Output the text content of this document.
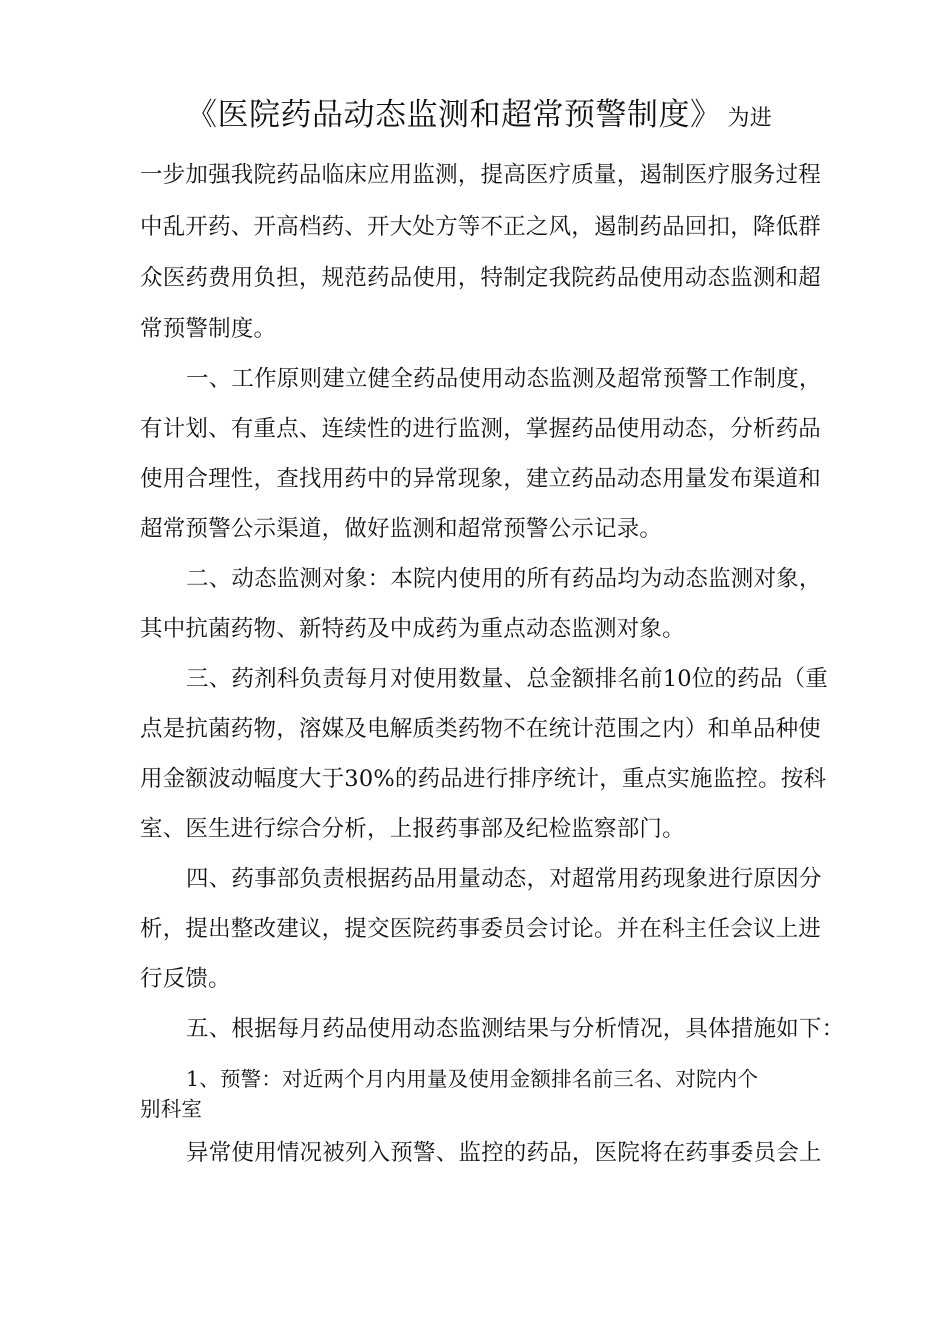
《医院药品动态监测和超常预警制度》 为进
一步加强我院药品临床应用监测，提高医疗质量，遏制医疗服务过程
中乱开药、开高档药、开大处方等不正之风，遏制药品回扣，降低群
众医药费用负担，规范药品使用，特制定我院药品使用动态监测和超
常预警制度。
一、工作原则建立健全药品使用动态监测及超常预警工作制度，
有计划、有重点、连续性的进行监测，掌握药品使用动态，分析药品
使用合理性，查找用药中的异常现象，建立药品动态用量发布渠道和
超常预警公示渠道，做好监测和超常预警公示记录。
二、动态监测对象：本院内使用的所有药品均为动态监测对象，
其中抗菌药物、新特药及中成药为重点动态监测对象。
三、药剂科负责每月对使用数量、总金额排名前10位的药品（重
点是抗菌药物，溶媒及电解质类药物不在统计范围之内）和单品种使
用金额波动幅度大于30%的药品进行排序统计，重点实施监控。按科
室、医生进行综合分析，上报药事部及纪检监察部门。
四、药事部负责根据药品用量动态，对超常用药现象进行原因分
析，提出整改建议，提交医院药事委员会讨论。并在科主任会议上进
行反馈。
五、根据每月药品使用动态监测结果与分析情况，具体措施如下：
1、预警：对近两个月内用量及使用金额排名前三名、对院内个
别科室
异常使用情况被列入预警、监控的药品，医院将在药事委员会上
